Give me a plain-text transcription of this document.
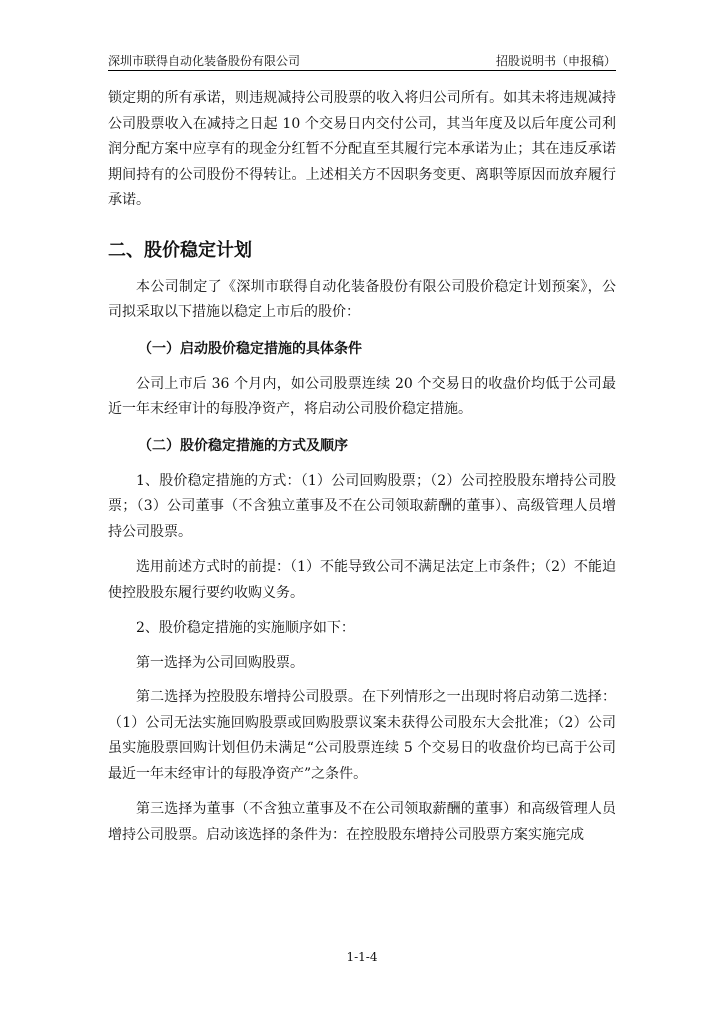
深圳市联得自动化装备股份有限公司	招股说明书（申报稿）

锁定期的所有承诺，则违规减持公司股票的收入将归公司所有。如其未将违规减持公司股票收入在减持之日起 10 个交易日内交付公司，其当年度及以后年度公司利润分配方案中应享有的现金分红暂不分配直至其履行完本承诺为止；其在违反承诺期间持有的公司股份不得转让。上述相关方不因职务变更、离职等原因而放弃履行承诺。

二、股价稳定计划

本公司制定了《深圳市联得自动化装备股份有限公司股价稳定计划预案》，公司拟采取以下措施以稳定上市后的股价：

（一）启动股价稳定措施的具体条件

公司上市后 36 个月内，如公司股票连续 20 个交易日的收盘价均低于公司最近一年末经审计的每股净资产，将启动公司股价稳定措施。

（二）股价稳定措施的方式及顺序

1、股价稳定措施的方式：（1）公司回购股票；（2）公司控股股东增持公司股票；（3）公司董事（不含独立董事及不在公司领取薪酬的董事）、高级管理人员增持公司股票。

选用前述方式时的前提：（1）不能导致公司不满足法定上市条件；（2）不能迫使控股股东履行要约收购义务。

2、股价稳定措施的实施顺序如下：

第一选择为公司回购股票。

第二选择为控股股东增持公司股票。在下列情形之一出现时将启动第二选择：（1）公司无法实施回购股票或回购股票议案未获得公司股东大会批准；（2）公司虽实施股票回购计划但仍未满足“公司股票连续 5 个交易日的收盘价均已高于公司最近一年末经审计的每股净资产”之条件。

第三选择为董事（不含独立董事及不在公司领取薪酬的董事）和高级管理人员增持公司股票。启动该选择的条件为：在控股股东增持公司股票方案实施完成

1-1-4
